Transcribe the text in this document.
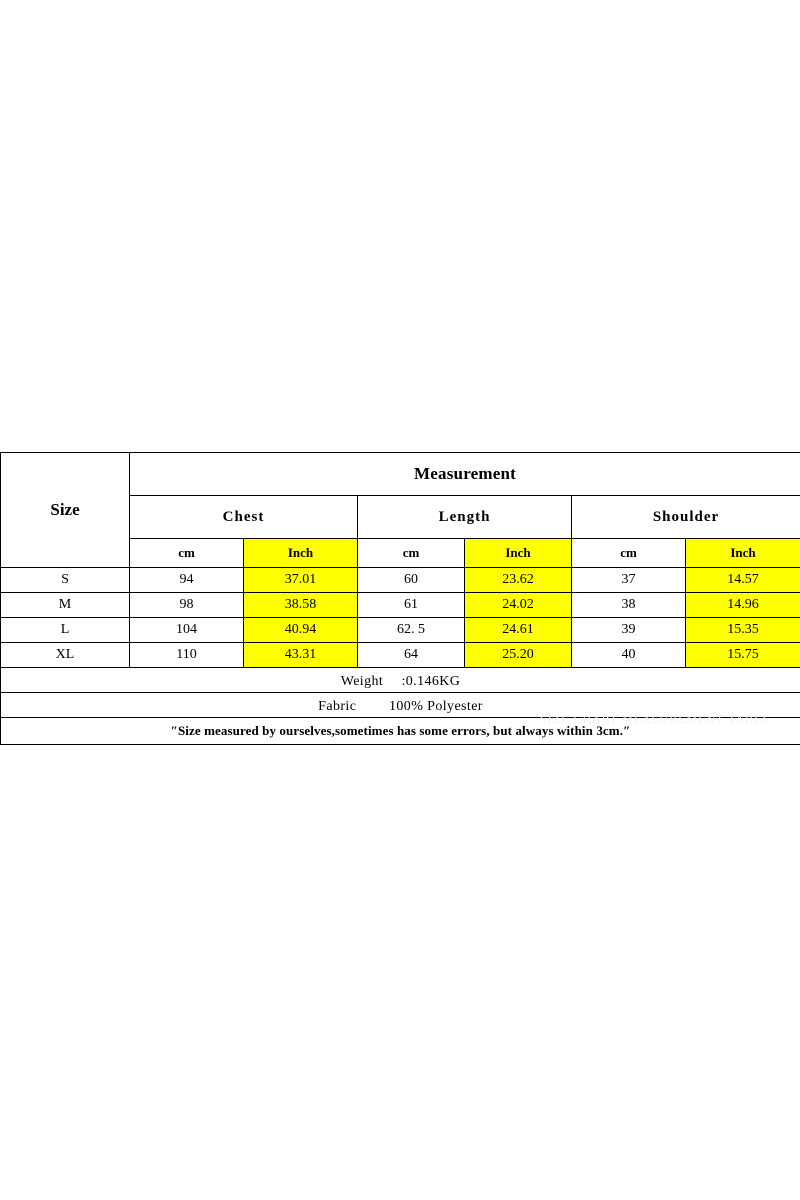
Size	Measurement					
	Chest		Length		Shoulder	
	cm	Inch	cm	Inch	cm	Inch
S	94	37.01	60	23.62	37	14.57
M	98	38.58	61	24.02	38	14.96
L	104	40.94	62. 5	24.61	39	15.35
XL	110	43.31	64	25.20	40	15.75
Weight　 :0.146KG						
Fabric　　 100% Polyester						
″Size measured by ourselves,sometimes has some errors, but always within 3cm.″						
SIZE CHART MEASUREMENT TABLE
